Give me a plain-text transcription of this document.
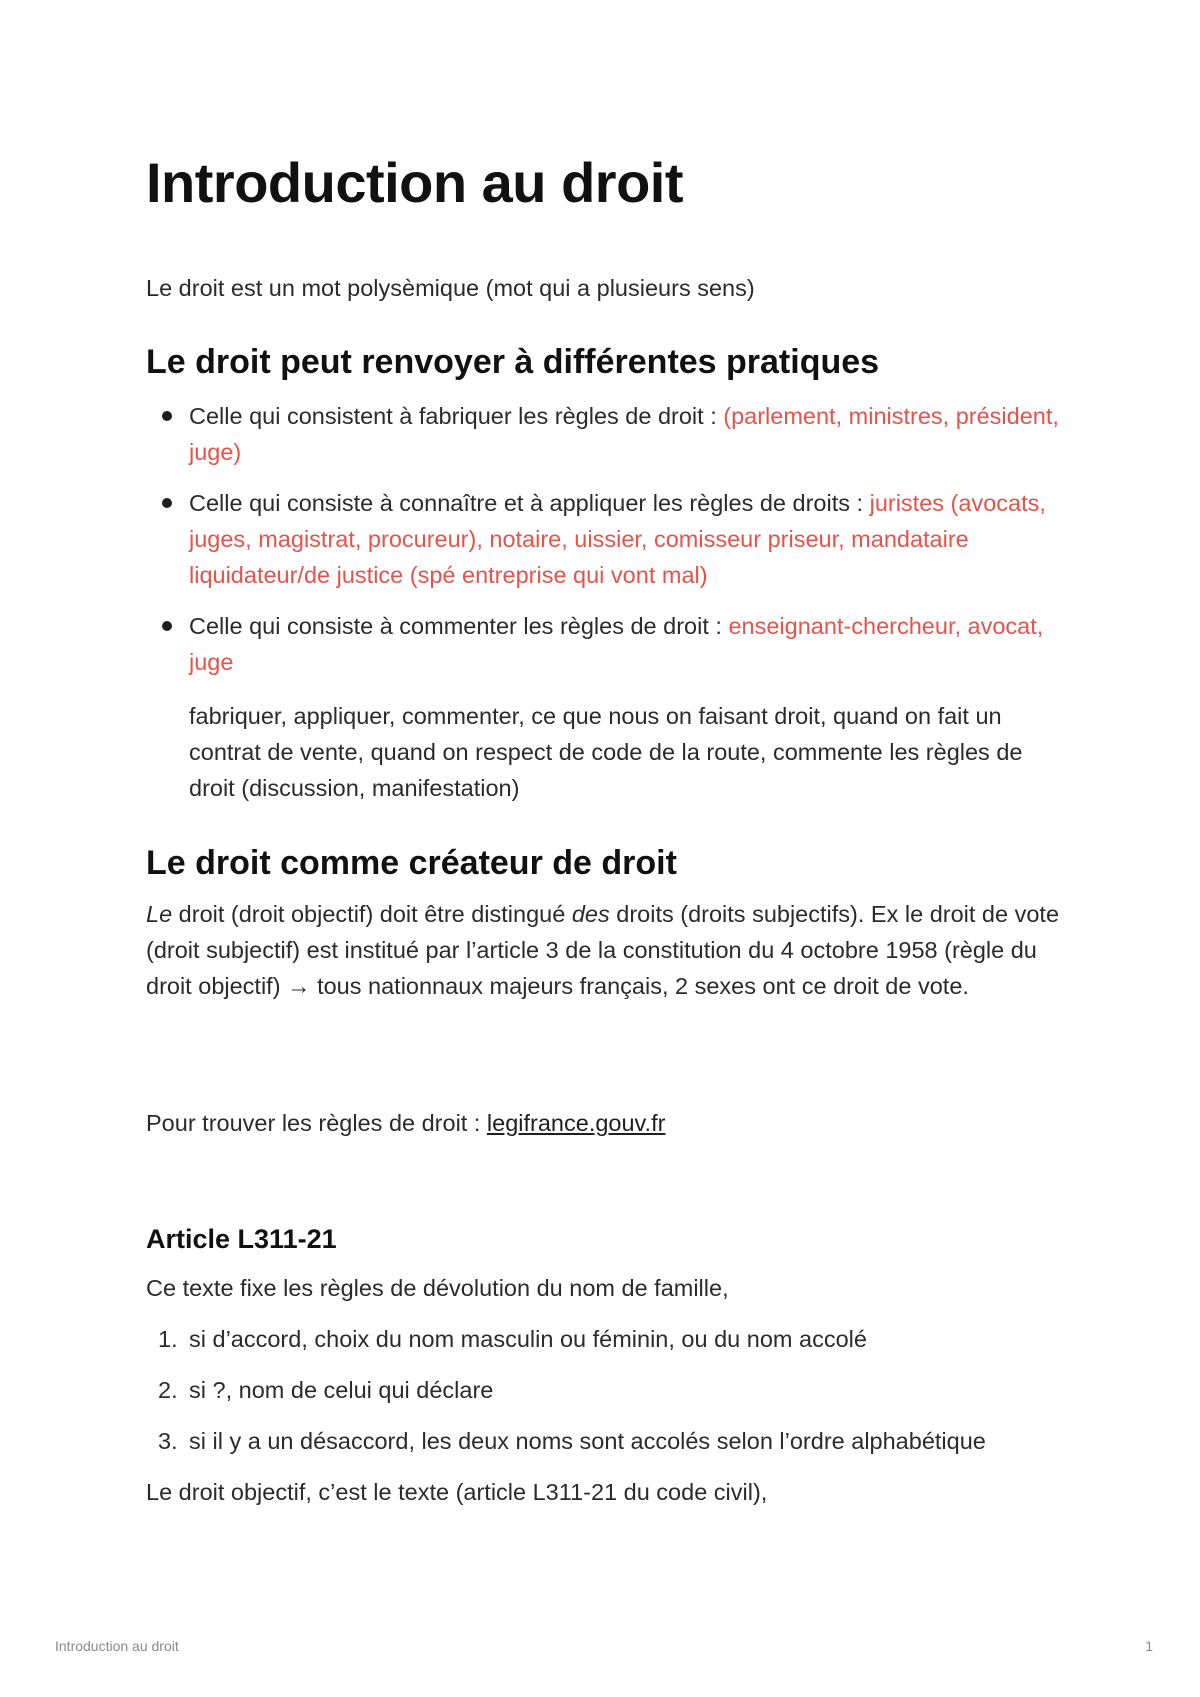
Introduction au droit
Le droit est un mot polysèmique (mot qui a plusieurs sens)
Le droit peut renvoyer à différentes pratiques
Celle qui consistent à fabriquer les règles de droit : (parlement, ministres, président, juge)
Celle qui consiste à connaître et à appliquer les règles de droits : juristes (avocats, juges, magistrat, procureur), notaire, uissier, comisseur priseur, mandataire liquidateur/de justice (spé entreprise qui vont mal)
Celle qui consiste à commenter les règles de droit : enseignant-chercheur, avocat, juge
fabriquer, appliquer, commenter, ce que nous on faisant droit, quand on fait un contrat de vente, quand on respect de code de la route, commente les règles de droit (discussion, manifestation)
Le droit comme créateur de droit
Le droit (droit objectif) doit être distingué des droits (droits subjectifs). Ex le droit de vote (droit subjectif) est institué par l’article 3 de la constitution du 4 octobre 1958 (règle du droit objectif) → tous nationnaux majeurs français, 2 sexes ont ce droit de vote.
Pour trouver les règles de droit : legifrance.gouv.fr
Article L311-21
Ce texte fixe les règles de dévolution du nom de famille,
1. si d’accord, choix du nom masculin ou féminin, ou du nom accolé
2. si ?, nom de celui qui déclare
3. si il y a un désaccord, les deux noms sont accolés selon l’ordre alphabétique
Le droit objectif, c’est le texte (article L311-21 du code civil),
Introduction au droit	1
